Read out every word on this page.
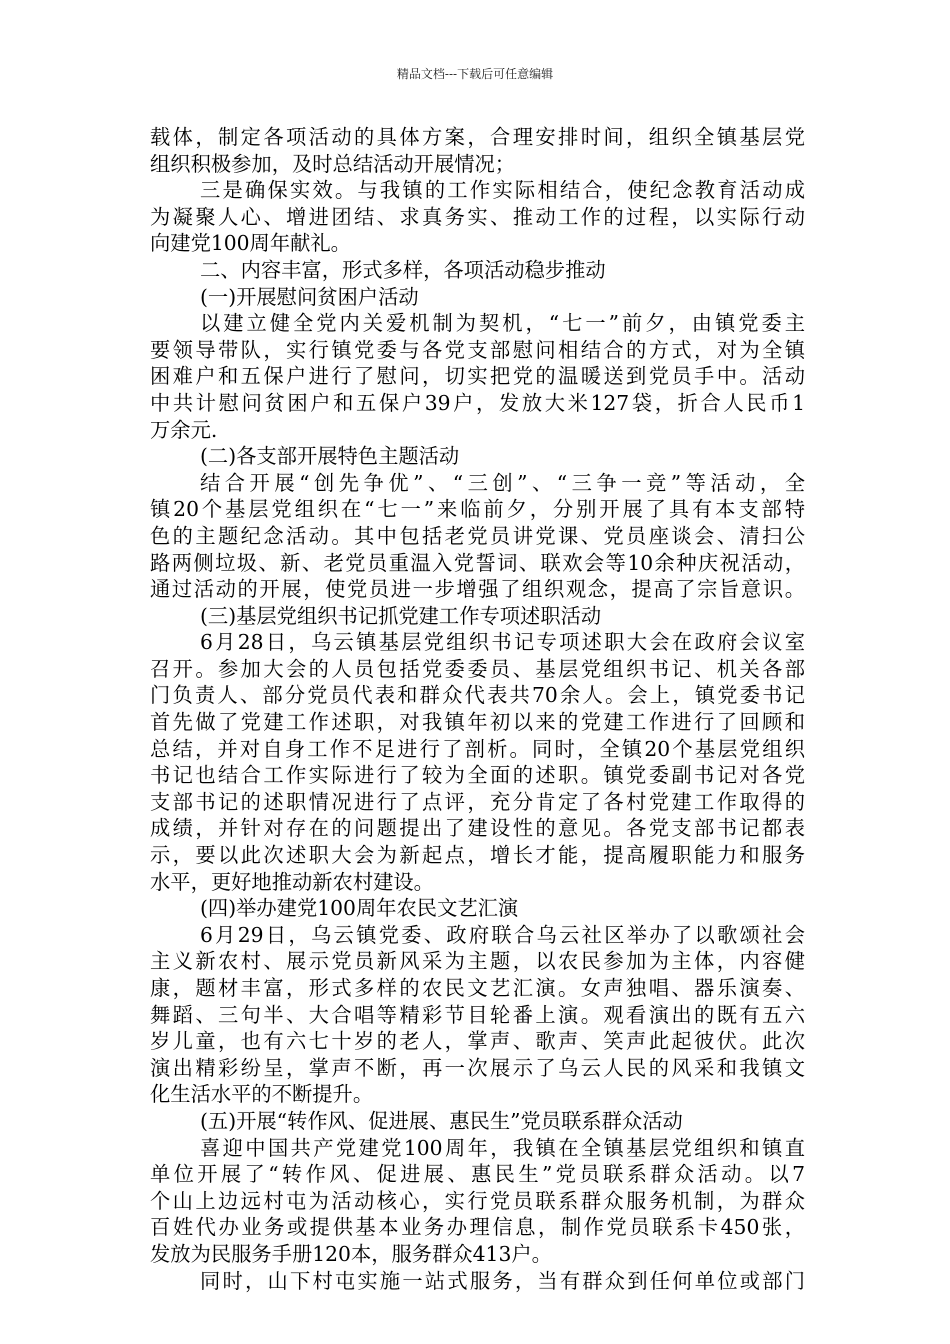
精品文档---下载后可任意编辑
载体，制定各项活动的具体方案，合理安排时间，组织全镇基层党
组织积极参加，及时总结活动开展情况；
三是确保实效。与我镇的工作实际相结合，使纪念教育活动成
为凝聚人心、增进团结、求真务实、推动工作的过程，以实际行动
向建党100周年献礼。
二、内容丰富，形式多样，各项活动稳步推动
(一)开展慰问贫困户活动
以建立健全党内关爱机制为契机，“七一”前夕，由镇党委主
要领导带队，实行镇党委与各党支部慰问相结合的方式，对为全镇
困难户和五保户进行了慰问，切实把党的温暖送到党员手中。活动
中共计慰问贫困户和五保户39户，发放大米127袋，折合人民币1
万余元.
(二)各支部开展特色主题活动
结合开展“创先争优”、“三创”、“三争一竞”等活动，全
镇20个基层党组织在“七一”来临前夕，分别开展了具有本支部特
色的主题纪念活动。其中包括老党员讲党课、党员座谈会、清扫公
路两侧垃圾、新、老党员重温入党誓词、联欢会等10余种庆祝活动，
通过活动的开展，使党员进一步增强了组织观念，提高了宗旨意识。
(三)基层党组织书记抓党建工作专项述职活动
6月28日，乌云镇基层党组织书记专项述职大会在政府会议室
召开。参加大会的人员包括党委委员、基层党组织书记、机关各部
门负责人、部分党员代表和群众代表共70余人。会上，镇党委书记
首先做了党建工作述职，对我镇年初以来的党建工作进行了回顾和
总结，并对自身工作不足进行了剖析。同时，全镇20个基层党组织
书记也结合工作实际进行了较为全面的述职。镇党委副书记对各党
支部书记的述职情况进行了点评，充分肯定了各村党建工作取得的
成绩，并针对存在的问题提出了建设性的意见。各党支部书记都表
示，要以此次述职大会为新起点，增长才能，提高履职能力和服务
水平，更好地推动新农村建设。
(四)举办建党100周年农民文艺汇演
6月29日，乌云镇党委、政府联合乌云社区举办了以歌颂社会
主义新农村、展示党员新风采为主题，以农民参加为主体，内容健
康，题材丰富，形式多样的农民文艺汇演。女声独唱、器乐演奏、
舞蹈、三句半、大合唱等精彩节目轮番上演。观看演出的既有五六
岁儿童，也有六七十岁的老人，掌声、歌声、笑声此起彼伏。此次
演出精彩纷呈，掌声不断，再一次展示了乌云人民的风采和我镇文
化生活水平的不断提升。
(五)开展“转作风、促进展、惠民生”党员联系群众活动
喜迎中国共产党建党100周年，我镇在全镇基层党组织和镇直
单位开展了“转作风、促进展、惠民生”党员联系群众活动。以7
个山上边远村屯为活动核心，实行党员联系群众服务机制，为群众
百姓代办业务或提供基本业务办理信息，制作党员联系卡450张，
发放为民服务手册120本，服务群众413户。
同时，山下村屯实施一站式服务，当有群众到任何单位或部门
